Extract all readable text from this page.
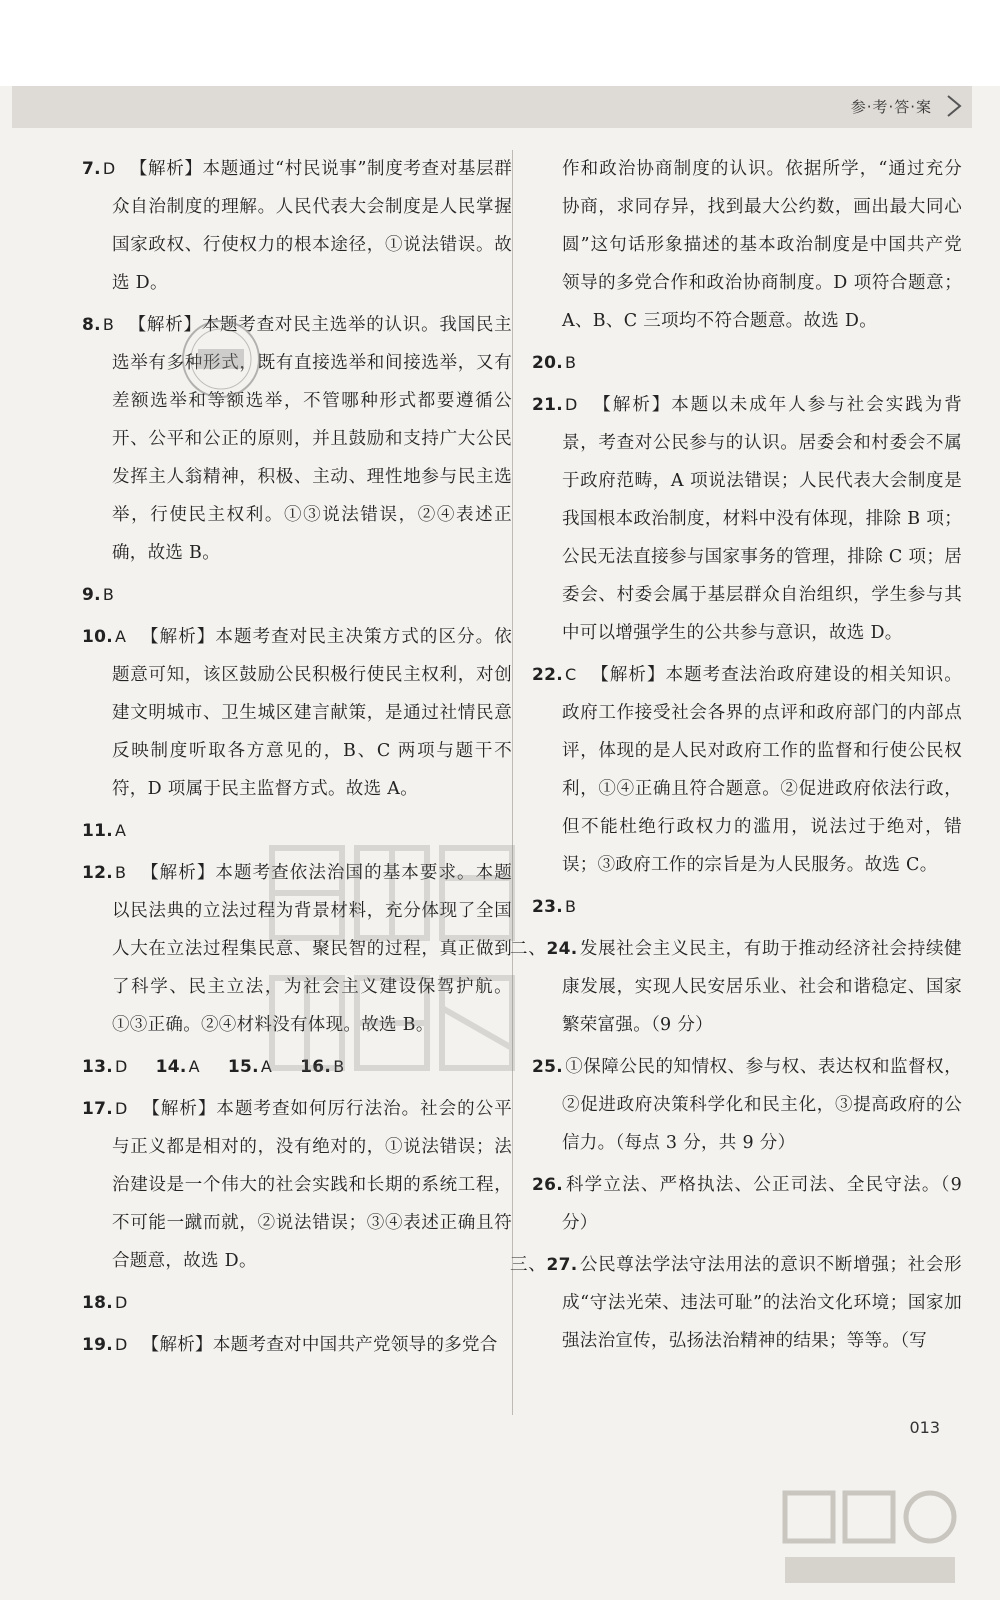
参·考·答·案
7. D 【解析】本题通过“村民说事”制度考查对基层群众自治制度的理解。人民代表大会制度是人民掌握国家政权、行使权力的根本途径，①说法错误。故选 D。
8. B 【解析】本题考查对民主选举的认识。我国民主选举有多种形式，既有直接选举和间接选举，又有差额选举和等额选举，不管哪种形式都要遵循公开、公平和公正的原则，并且鼓励和支持广大公民发挥主人翁精神，积极、主动、理性地参与民主选举，行使民主权利。①③说法错误，②④表述正确，故选 B。
9. B
10. A 【解析】本题考查对民主决策方式的区分。依题意可知，该区鼓励公民积极行使民主权利，对创建文明城市、卫生城区建言献策，是通过社情民意反映制度听取各方意见的，B、C 两项与题干不符，D 项属于民主监督方式。故选 A。
11. A
12. B 【解析】本题考查依法治国的基本要求。本题以民法典的立法过程为背景材料，充分体现了全国人大在立法过程集民意、聚民智的过程，真正做到了科学、民主立法，为社会主义建设保驾护航。①③正确。②④材料没有体现。故选 B。
13. D 14. A 15. A 16. B
17. D 【解析】本题考查如何厉行法治。社会的公平与正义都是相对的，没有绝对的，①说法错误；法治建设是一个伟大的社会实践和长期的系统工程，不可能一蹴而就，②说法错误；③④表述正确且符合题意，故选 D。
18. D
19. D 【解析】本题考查对中国共产党领导的多党合
作和政治协商制度的认识。依据所学，“通过充分协商，求同存异，找到最大公约数，画出最大同心圆”这句话形象描述的基本政治制度是中国共产党领导的多党合作和政治协商制度。D 项符合题意；A、B、C 三项均不符合题意。故选 D。
20. B
21. D 【解析】本题以未成年人参与社会实践为背景，考查对公民参与的认识。居委会和村委会不属于政府范畴，A 项说法错误；人民代表大会制度是我国根本政治制度，材料中没有体现，排除 B 项；公民无法直接参与国家事务的管理，排除 C 项；居委会、村委会属于基层群众自治组织，学生参与其中可以增强学生的公共参与意识，故选 D。
22. C 【解析】本题考查法治政府建设的相关知识。政府工作接受社会各界的点评和政府部门的内部点评，体现的是人民对政府工作的监督和行使公民权利，①④正确且符合题意。②促进政府依法行政，但不能杜绝行政权力的滥用，说法过于绝对，错误；③政府工作的宗旨是为人民服务。故选 C。
23. B
二、24. 发展社会主义民主，有助于推动经济社会持续健康发展，实现人民安居乐业、社会和谐稳定、国家繁荣富强。（9 分）
25. ①保障公民的知情权、参与权、表达权和监督权，②促进政府决策科学化和民主化，③提高政府的公信力。（每点 3 分，共 9 分）
26. 科学立法、严格执法、公正司法、全民守法。（9 分）
三、27. 公民尊法学法守法用法的意识不断增强；社会形成“守法光荣、违法可耻”的法治文化环境；国家加强法治宣传，弘扬法治精神的结果；等等。（写
013
